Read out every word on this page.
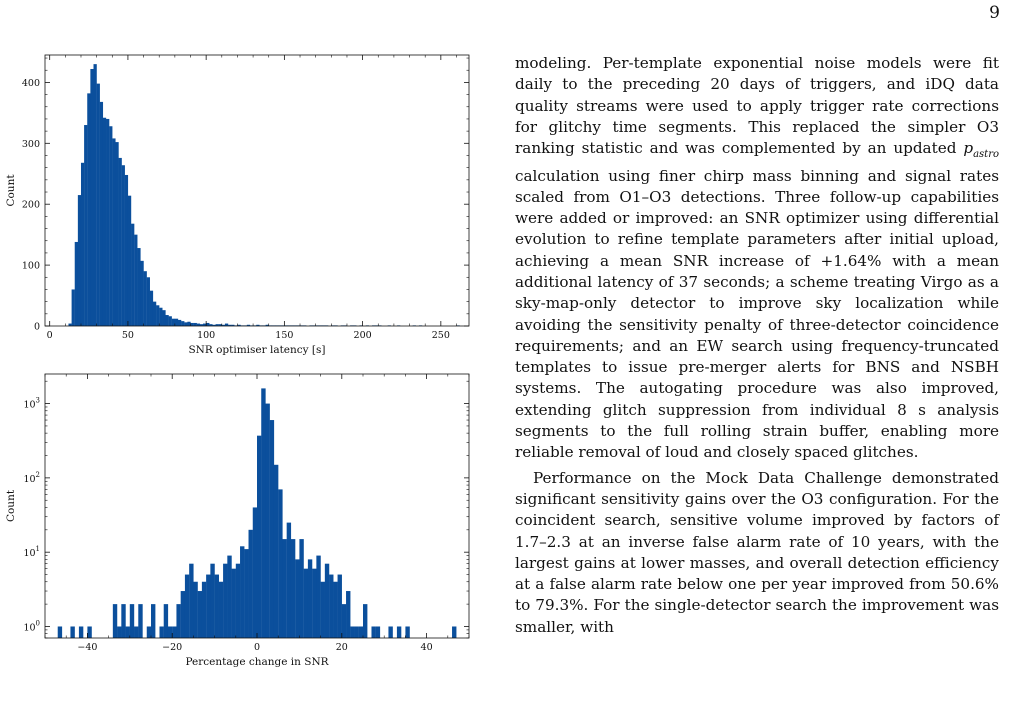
9
0	50	100	150	200	250
0
100
200
300
400
SNR optimiser latency [s]
Count
−40	−20	0	20	40
$10^0$
$10^1$
$10^2$
$10^3$
Percentage change in SNR
Count

modeling. Per-template exponential noise models were fit daily to the preceding 20 days of triggers, and iDQ data quality streams were used to apply trigger rate corrections for glitchy time segments. This replaced the simpler O3 ranking statistic and was complemented by an updated $p_{astro}$ calculation using finer chirp mass binning and signal rates scaled from O1–O3 detections. Three follow-up capabilities were added or improved: an SNR optimizer using differential evolution to refine template parameters after initial upload, achieving a mean SNR increase of +1.64% with a mean additional latency of 37 seconds; a scheme treating Virgo as a sky-map-only detector to improve sky localization while avoiding the sensitivity penalty of three-detector coincidence requirements; and an EW search using frequency-truncated templates to issue pre-merger alerts for BNS and NSBH systems. The autogating procedure was also improved, extending glitch suppression from individual 8 s analysis segments to the full rolling strain buffer, enabling more reliable removal of loud and closely spaced glitches.

Performance on the Mock Data Challenge demonstrated significant sensitivity gains over the O3 configuration. For the coincident search, sensitive volume improved by factors of 1.7–2.3 at an inverse false alarm rate of 10 years, with the largest gains at lower masses, and overall detection efficiency at a false alarm rate below one per year improved from 50.6% to 79.3%. For the single-detector search the improvement was smaller, with
